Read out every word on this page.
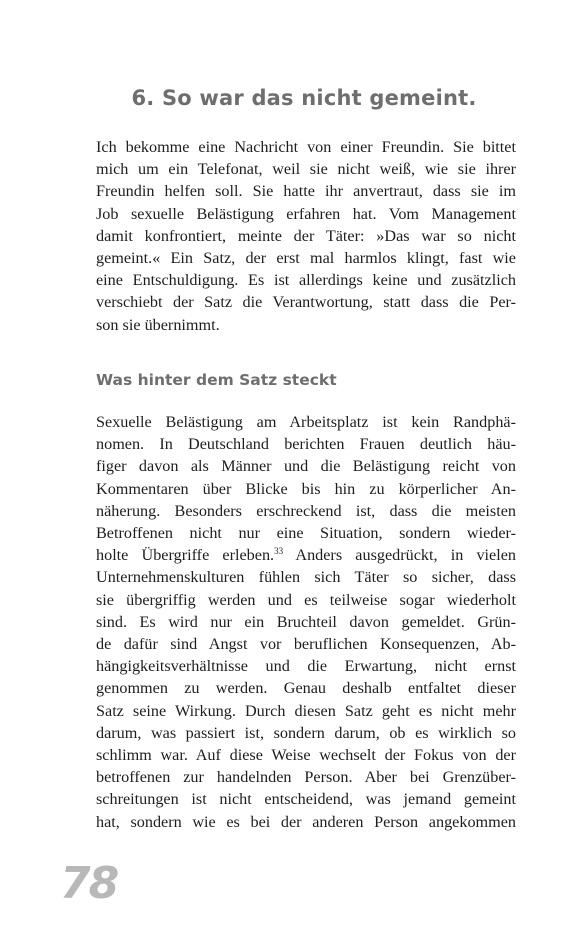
6. So war das nicht gemeint.
Ich bekomme eine Nachricht von einer Freundin. Sie bittet
mich um ein Telefonat, weil sie nicht weiß, wie sie ihrer
Freundin helfen soll. Sie hatte ihr anvertraut, dass sie im
Job sexuelle Belästigung erfahren hat. Vom Management
damit konfrontiert, meinte der Täter: »Das war so nicht
gemeint.« Ein Satz, der erst mal harmlos klingt, fast wie
eine Entschuldigung. Es ist allerdings keine und zusätzlich
verschiebt der Satz die Verantwortung, statt dass die Per-
son sie übernimmt.
Was hinter dem Satz steckt
Sexuelle Belästigung am Arbeitsplatz ist kein Randphä-
nomen. In Deutschland berichten Frauen deutlich häu-
figer davon als Männer und die Belästigung reicht von
Kommentaren über Blicke bis hin zu körperlicher An-
näherung. Besonders erschreckend ist, dass die meisten
Betroffenen nicht nur eine Situation, sondern wieder-
holte Übergriffe erleben.$^{33}$ Anders ausgedrückt, in vielen
Unternehmenskulturen fühlen sich Täter so sicher, dass
sie übergriffig werden und es teilweise sogar wiederholt
sind. Es wird nur ein Bruchteil davon gemeldet. Grün-
de dafür sind Angst vor beruflichen Konsequenzen, Ab-
hängigkeitsverhältnisse und die Erwartung, nicht ernst
genommen zu werden. Genau deshalb entfaltet dieser
Satz seine Wirkung. Durch diesen Satz geht es nicht mehr
darum, was passiert ist, sondern darum, ob es wirklich so
schlimm war. Auf diese Weise wechselt der Fokus von der
betroffenen zur handelnden Person. Aber bei Grenzüber-
schreitungen ist nicht entscheidend, was jemand gemeint
hat, sondern wie es bei der anderen Person angekommen
78
